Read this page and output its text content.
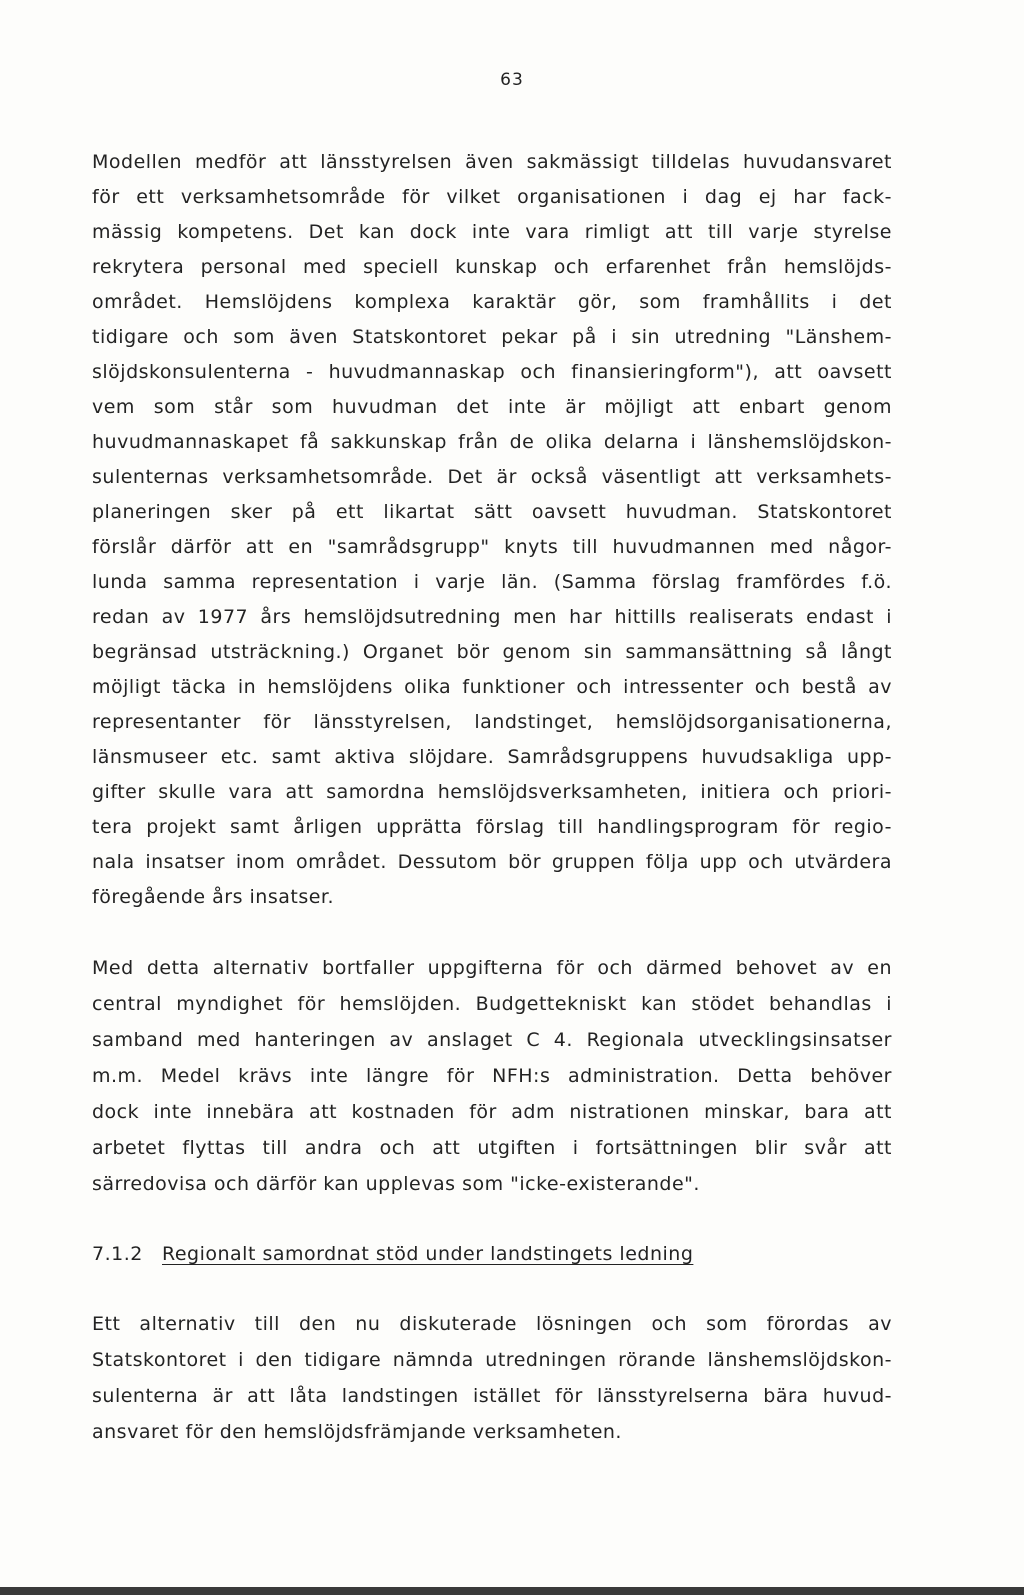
63
Modellen medför att länsstyrelsen även sakmässigt tilldelas huvudansvaret
för ett verksamhetsområde för vilket organisationen i dag ej har fack-
mässig kompetens. Det kan dock inte vara rimligt att till varje styrelse
rekrytera personal med speciell kunskap och erfarenhet från hemslöjds-
området. Hemslöjdens komplexa karaktär gör, som framhållits i det
tidigare och som även Statskontoret pekar på i sin utredning "Länshem-
slöjdskonsulenterna - huvudmannaskap och finansieringform"), att oavsett
vem som står som huvudman det inte är möjligt att enbart genom
huvudmannaskapet få sakkunskap från de olika delarna i länshemslöjdskon-
sulenternas verksamhetsområde. Det är också väsentligt att verksamhets-
planeringen sker på ett likartat sätt oavsett huvudman. Statskontoret
förslår därför att en "samrådsgrupp" knyts till huvudmannen med någor-
lunda samma representation i varje län. (Samma förslag framfördes f.ö.
redan av 1977 års hemslöjdsutredning men har hittills realiserats endast i
begränsad utsträckning.) Organet bör genom sin sammansättning så långt
möjligt täcka in hemslöjdens olika funktioner och intressenter och bestå av
representanter för länsstyrelsen, landstinget, hemslöjdsorganisationerna,
länsmuseer etc. samt aktiva slöjdare. Samrådsgruppens huvudsakliga upp-
gifter skulle vara att samordna hemslöjdsverksamheten, initiera och priori-
tera projekt samt årligen upprätta förslag till handlingsprogram för regio-
nala insatser inom området. Dessutom bör gruppen följa upp och utvärdera
föregående års insatser.
Med detta alternativ bortfaller uppgifterna för och därmed behovet av en
central myndighet för hemslöjden. Budgettekniskt kan stödet behandlas i
samband med hanteringen av anslaget C 4. Regionala utvecklingsinsatser
m.m. Medel krävs inte längre för NFH:s administration. Detta behöver
dock inte innebära att kostnaden för adm nistrationen minskar, bara att
arbetet flyttas till andra och att utgiften i fortsättningen blir svår att
särredovisa och därför kan upplevas som "icke-existerande".
7.1.2 Regionalt samordnat stöd under landstingets ledning
Ett alternativ till den nu diskuterade lösningen och som förordas av
Statskontoret i den tidigare nämnda utredningen rörande länshemslöjdskon-
sulenterna är att låta landstingen istället för länsstyrelserna bära huvud-
ansvaret för den hemslöjdsfrämjande verksamheten.
